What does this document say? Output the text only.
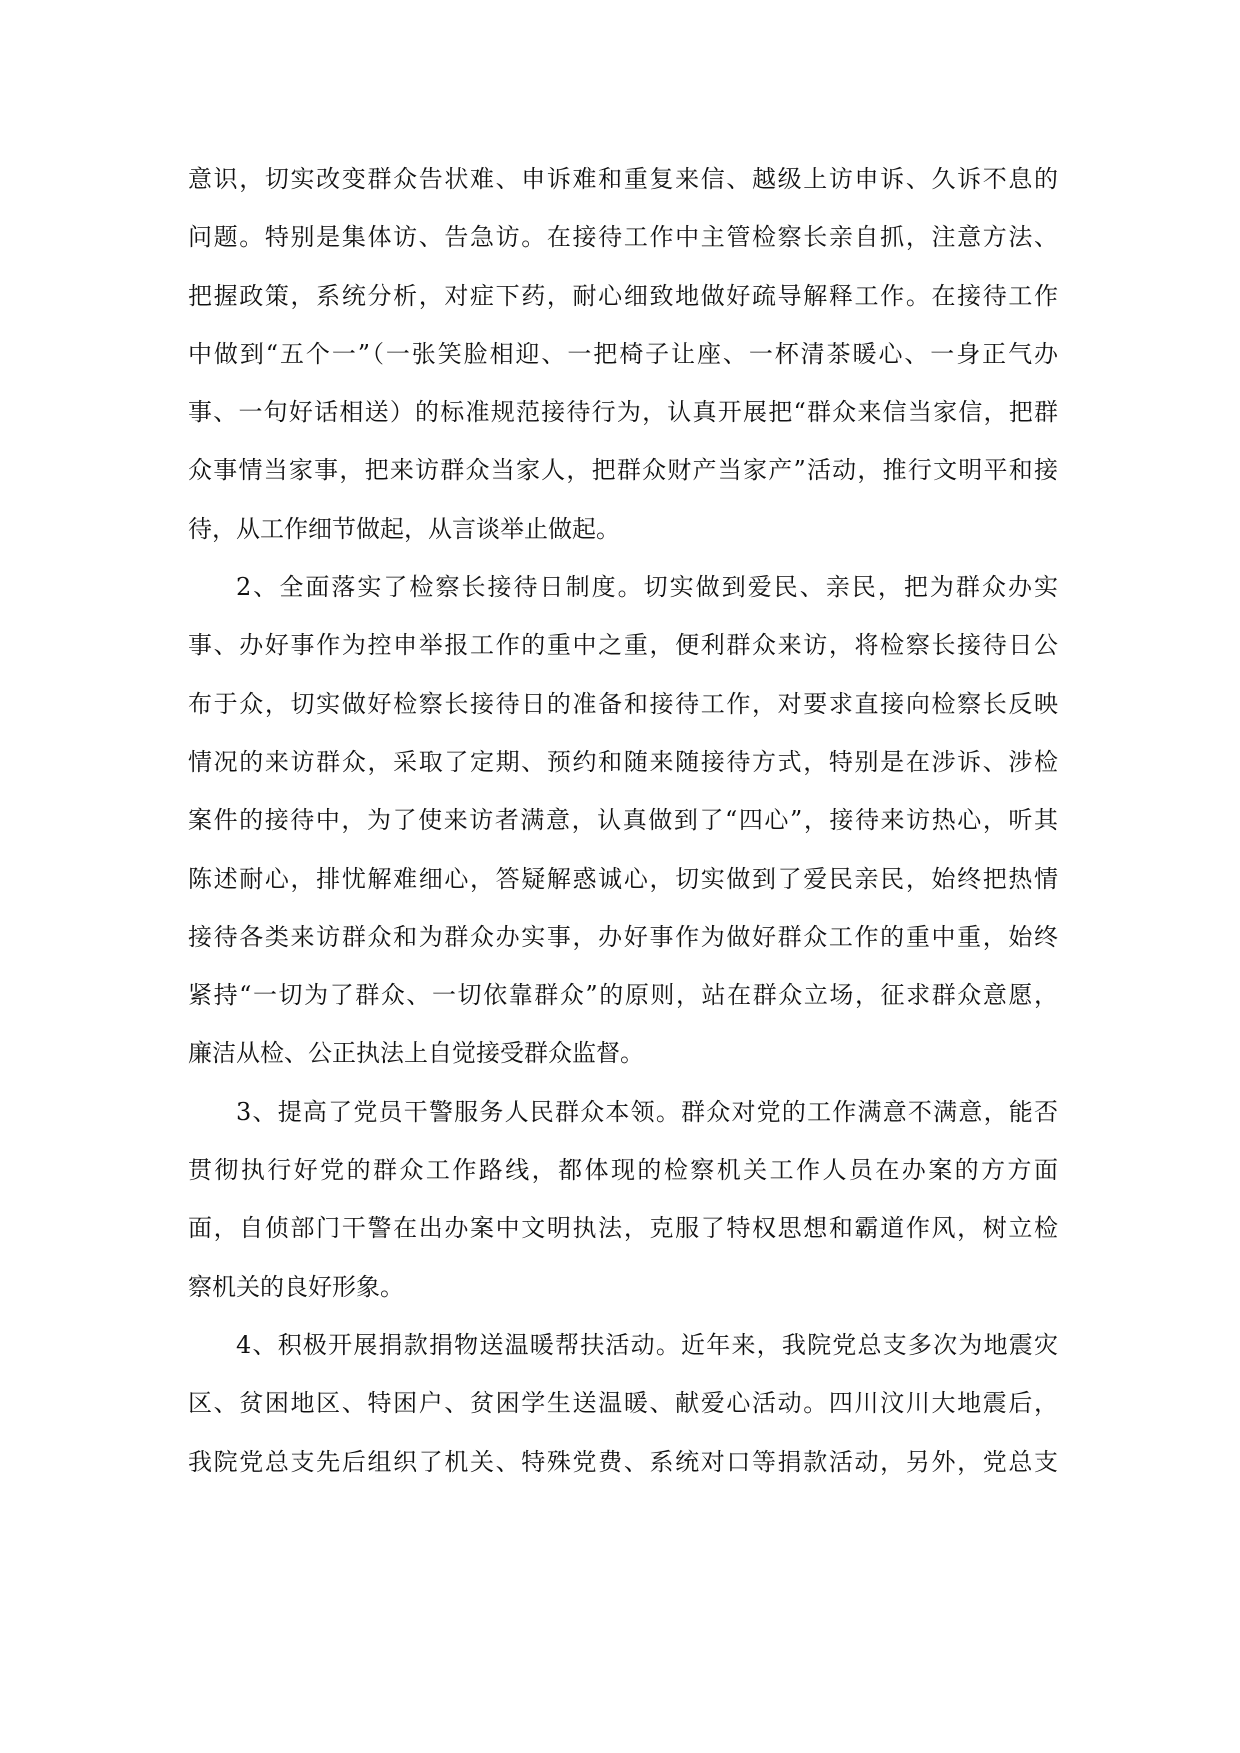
意识，切实改变群众告状难、申诉难和重复来信、越级上访申诉、久诉不息的
问题。特别是集体访、告急访。在接待工作中主管检察长亲自抓，注意方法、
把握政策，系统分析，对症下药，耐心细致地做好疏导解释工作。在接待工作
中做到“五个一”（一张笑脸相迎、一把椅子让座、一杯清茶暖心、一身正气办
事、一句好话相送）的标准规范接待行为，认真开展把“群众来信当家信，把群
众事情当家事，把来访群众当家人，把群众财产当家产”活动，推行文明平和接
待，从工作细节做起，从言谈举止做起。
2、全面落实了检察长接待日制度。切实做到爱民、亲民，把为群众办实
事、办好事作为控申举报工作的重中之重，便利群众来访，将检察长接待日公
布于众，切实做好检察长接待日的准备和接待工作，对要求直接向检察长反映
情况的来访群众，采取了定期、预约和随来随接待方式，特别是在涉诉、涉检
案件的接待中，为了使来访者满意，认真做到了“四心”，接待来访热心，听其
陈述耐心，排忧解难细心，答疑解惑诚心，切实做到了爱民亲民，始终把热情
接待各类来访群众和为群众办实事，办好事作为做好群众工作的重中重，始终
紧持“一切为了群众、一切依靠群众”的原则，站在群众立场，征求群众意愿，
廉洁从检、公正执法上自觉接受群众监督。
3、提高了党员干警服务人民群众本领。群众对党的工作满意不满意，能否
贯彻执行好党的群众工作路线，都体现的检察机关工作人员在办案的方方面
面，自侦部门干警在出办案中文明执法，克服了特权思想和霸道作风，树立检
察机关的良好形象。
4、积极开展捐款捐物送温暖帮扶活动。近年来，我院党总支多次为地震灾
区、贫困地区、特困户、贫困学生送温暖、献爱心活动。四川汶川大地震后，
我院党总支先后组织了机关、特殊党费、系统对口等捐款活动，另外，党总支
